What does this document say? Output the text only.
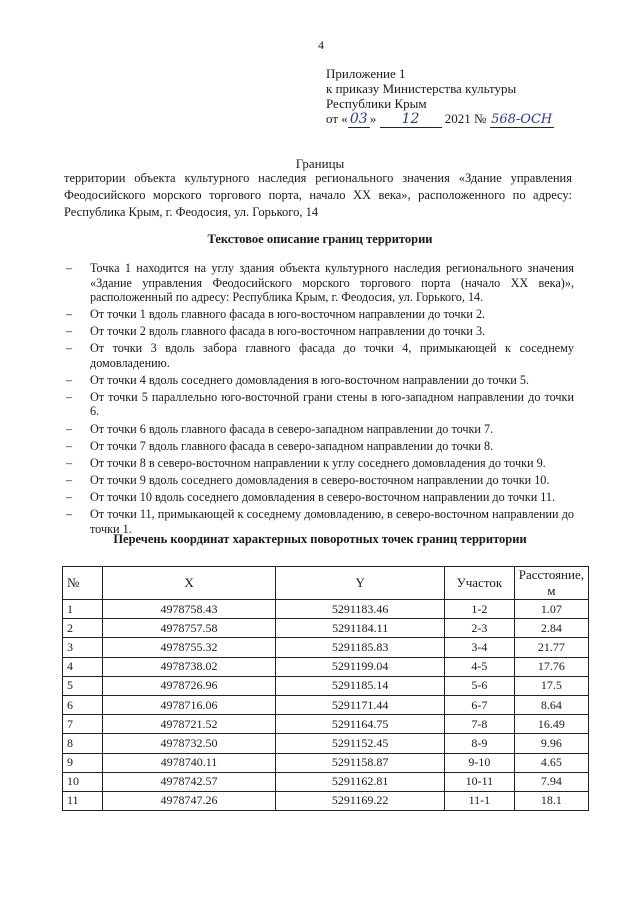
4
Приложение 1
к приказу Министерства культуры
Республики Крым
от « 03 » 12 2021 № 568-ОСН
Границы
территории объекта культурного наследия регионального значения «Здание управления Феодосийского морского торгового порта, начало XX века», расположенного по адресу: Республика Крым, г. Феодосия, ул. Горького, 14
Текстовое описание границ территории
– Точка 1 находится на углу здания объекта культурного наследия регионального значения «Здание управления Феодосийского морского торгового порта (начало XX века)», расположенный по адресу: Республика Крым, г. Феодосия, ул. Горького, 14.
– От точки 1 вдоль главного фасада в юго-восточном направлении до точки 2.
– От точки 2 вдоль главного фасада в юго-восточном направлении до точки 3.
– От точки 3 вдоль забора главного фасада до точки 4, примыкающей к соседнему домовладению.
– От точки 4 вдоль соседнего домовладения в юго-восточном направлении до точки 5.
– От точки 5 параллельно юго-восточной грани стены в юго-западном направлении до точки 6.
– От точки 6 вдоль главного фасада в северо-западном направлении до точки 7.
– От точки 7 вдоль главного фасада в северо-западном направлении до точки 8.
– От точки 8 в северо-восточном направлении к углу соседнего домовладения до точки 9.
– От точки 9 вдоль соседнего домовладения в северо-восточном направлении до точки 10.
– От точки 10 вдоль соседнего домовладения в северо-восточном направлении до точки 11.
– От точки 11, примыкающей к соседнему домовладению, в северо-восточном направлении до точки 1.
Перечень координат характерных поворотных точек границ территории
№	X	Y	Участок	Расстояние, м
1	4978758.43	5291183.46	1-2	1.07
2	4978757.58	5291184.11	2-3	2.84
3	4978755.32	5291185.83	3-4	21.77
4	4978738.02	5291199.04	4-5	17.76
5	4978726.96	5291185.14	5-6	17.5
6	4978716.06	5291171.44	6-7	8.64
7	4978721.52	5291164.75	7-8	16.49
8	4978732.50	5291152.45	8-9	9.96
9	4978740.11	5291158.87	9-10	4.65
10	4978742.57	5291162.81	10-11	7.94
11	4978747.26	5291169.22	11-1	18.1
